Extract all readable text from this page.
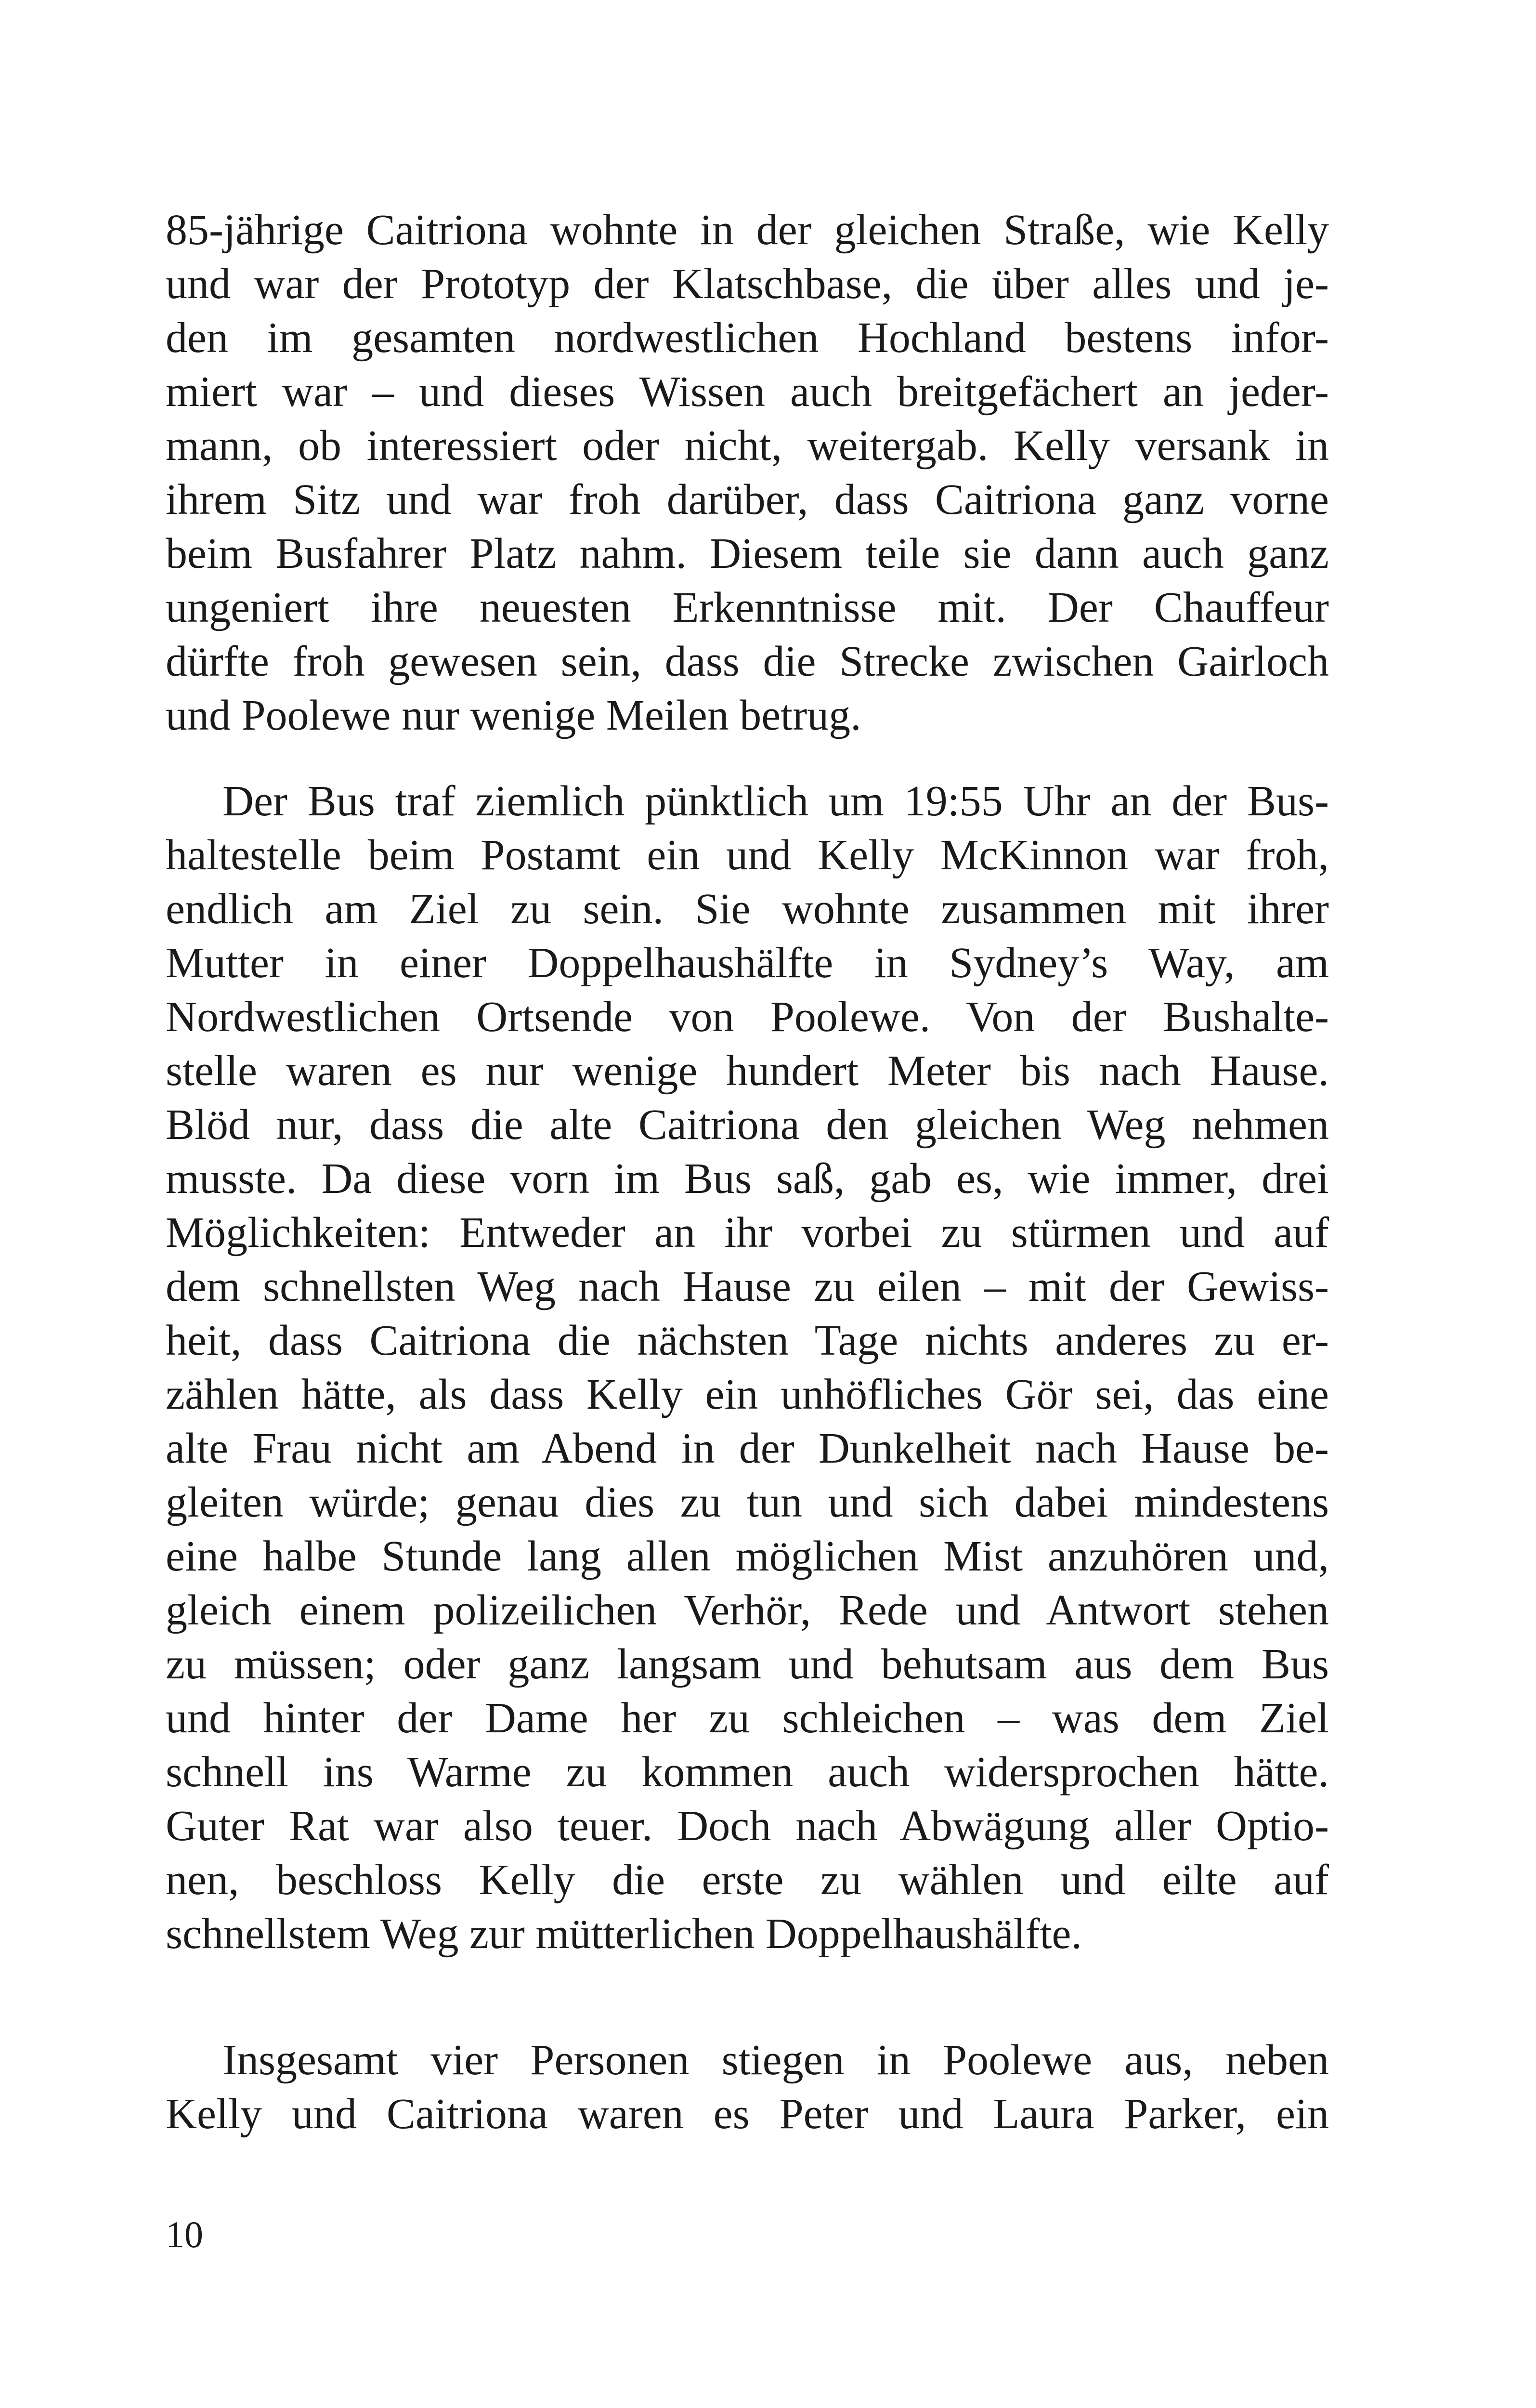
85-jährige Caitriona wohnte in der gleichen Straße, wie Kelly
und war der Prototyp der Klatschbase, die über alles und je-
den im gesamten nordwestlichen Hochland bestens infor-
miert war – und dieses Wissen auch breitgefächert an jeder-
mann, ob interessiert oder nicht, weitergab. Kelly versank in
ihrem Sitz und war froh darüber, dass Caitriona ganz vorne
beim Busfahrer Platz nahm. Diesem teile sie dann auch ganz
ungeniert ihre neuesten Erkenntnisse mit. Der Chauffeur
dürfte froh gewesen sein, dass die Strecke zwischen Gairloch
und Poolewe nur wenige Meilen betrug.
Der Bus traf ziemlich pünktlich um 19:55 Uhr an der Bus-
haltestelle beim Postamt ein und Kelly McKinnon war froh,
endlich am Ziel zu sein. Sie wohnte zusammen mit ihrer
Mutter in einer Doppelhaushälfte in Sydney’s Way, am
Nordwestlichen Ortsende von Poolewe. Von der Bushalte-
stelle waren es nur wenige hundert Meter bis nach Hause.
Blöd nur, dass die alte Caitriona den gleichen Weg nehmen
musste. Da diese vorn im Bus saß, gab es, wie immer, drei
Möglichkeiten: Entweder an ihr vorbei zu stürmen und auf
dem schnellsten Weg nach Hause zu eilen – mit der Gewiss-
heit, dass Caitriona die nächsten Tage nichts anderes zu er-
zählen hätte, als dass Kelly ein unhöfliches Gör sei, das eine
alte Frau nicht am Abend in der Dunkelheit nach Hause be-
gleiten würde; genau dies zu tun und sich dabei mindestens
eine halbe Stunde lang allen möglichen Mist anzuhören und,
gleich einem polizeilichen Verhör, Rede und Antwort stehen
zu müssen; oder ganz langsam und behutsam aus dem Bus
und hinter der Dame her zu schleichen – was dem Ziel
schnell ins Warme zu kommen auch widersprochen hätte.
Guter Rat war also teuer. Doch nach Abwägung aller Optio-
nen, beschloss Kelly die erste zu wählen und eilte auf
schnellstem Weg zur mütterlichen Doppelhaushälfte.
Insgesamt vier Personen stiegen in Poolewe aus, neben
Kelly und Caitriona waren es Peter und Laura Parker, ein
10
